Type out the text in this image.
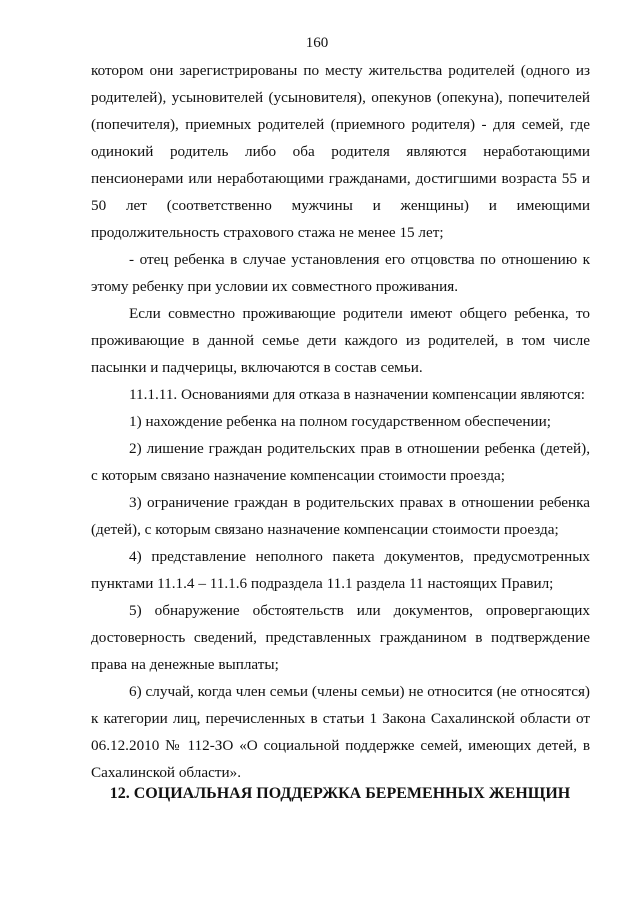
160

котором они зарегистрированы по месту жительства родителей (одного из родителей), усыновителей (усыновителя), опекунов (опекуна), попечителей (попечителя), приемных родителей (приемного родителя) - для семей, где одинокий родитель либо оба родителя являются неработающими пенсионерами или неработающими гражданами, достигшими возраста 55 и 50 лет (соответственно мужчины и женщины) и имеющими продолжительность страхового стажа не менее 15 лет;

- отец ребенка в случае установления его отцовства по отношению к этому ребенку при условии их совместного проживания.

Если совместно проживающие родители имеют общего ребенка, то проживающие в данной семье дети каждого из родителей, в том числе пасынки и падчерицы, включаются в состав семьи.

11.1.11. Основаниями для отказа в назначении компенсации являются:

1) нахождение ребенка на полном государственном обеспечении;

2) лишение граждан родительских прав в отношении ребенка (детей), с которым связано назначение компенсации стоимости проезда;

3) ограничение граждан в родительских правах в отношении ребенка (детей), с которым связано назначение компенсации стоимости проезда;

4) представление неполного пакета документов, предусмотренных пунктами 11.1.4 – 11.1.6 подраздела 11.1 раздела 11 настоящих Правил;

5) обнаружение обстоятельств или документов, опровергающих достоверность сведений, представленных гражданином в подтверждение права на денежные выплаты;

6) случай, когда член семьи (члены семьи) не относится (не относятся) к категории лиц, перечисленных в статьи 1 Закона Сахалинской области от 06.12.2010 № 112-ЗО «О социальной поддержке семей, имеющих детей, в Сахалинской области».

12. СОЦИАЛЬНАЯ ПОДДЕРЖКА БЕРЕМЕННЫХ ЖЕНЩИН
